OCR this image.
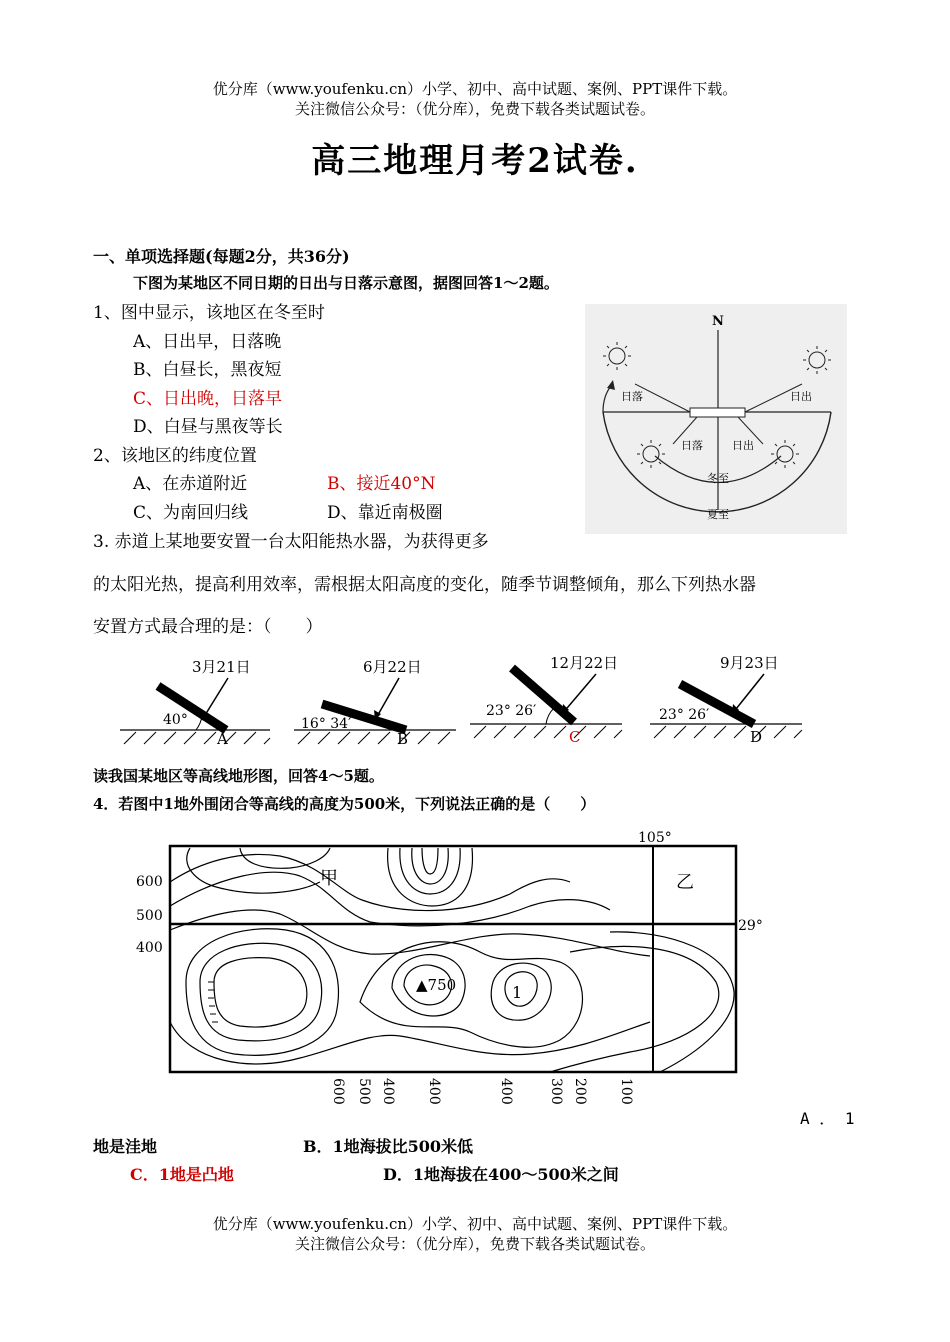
优分库（www.youfenku.cn）小学、初中、高中试题、案例、PPT课件下载。
关注微信公众号：（优分库），免费下载各类试题试卷。
高三地理月考2试卷.
一、单项选择题(每题2分，共36分)
下图为某地区不同日期的日出与日落示意图，据图回答1～2题。
1、图中显示，该地区在冬至时
A、日出早，日落晚
B、白昼长，黑夜短
C、日出晚，日落早
D、白昼与黑夜等长
2、该地区的纬度位置
A、在赤道附近	B、接近40°N
C、为南回归线	D、靠近南极圈
3. 赤道上某地要安置一台太阳能热水器，为获得更多
的太阳光热，提高利用效率，需根据太阳高度的变化，随季节调整倾角，那么下列热水器
安置方式最合理的是：（　　）
N
日落	日出
日落	日出
冬至
夏至
3月21日
40°
A
6月22日
16° 34′
B
12月22日
23° 26′
C
9月23日
23° 26′
D
读我国某地区等高线地形图，回答4～5题。
4．若图中1地外围闭合等高线的高度为500米，下列说法正确的是（　　）
105°
29°
600
500
400
甲	乙
▲750	1
600 500 400 400	400 300 200 100
A ． 1
地是洼地	B．1地海拔比500米低
C．1地是凸地	D．1地海拔在400～500米之间
优分库（www.youfenku.cn）小学、初中、高中试题、案例、PPT课件下载。
关注微信公众号：（优分库），免费下载各类试题试卷。
